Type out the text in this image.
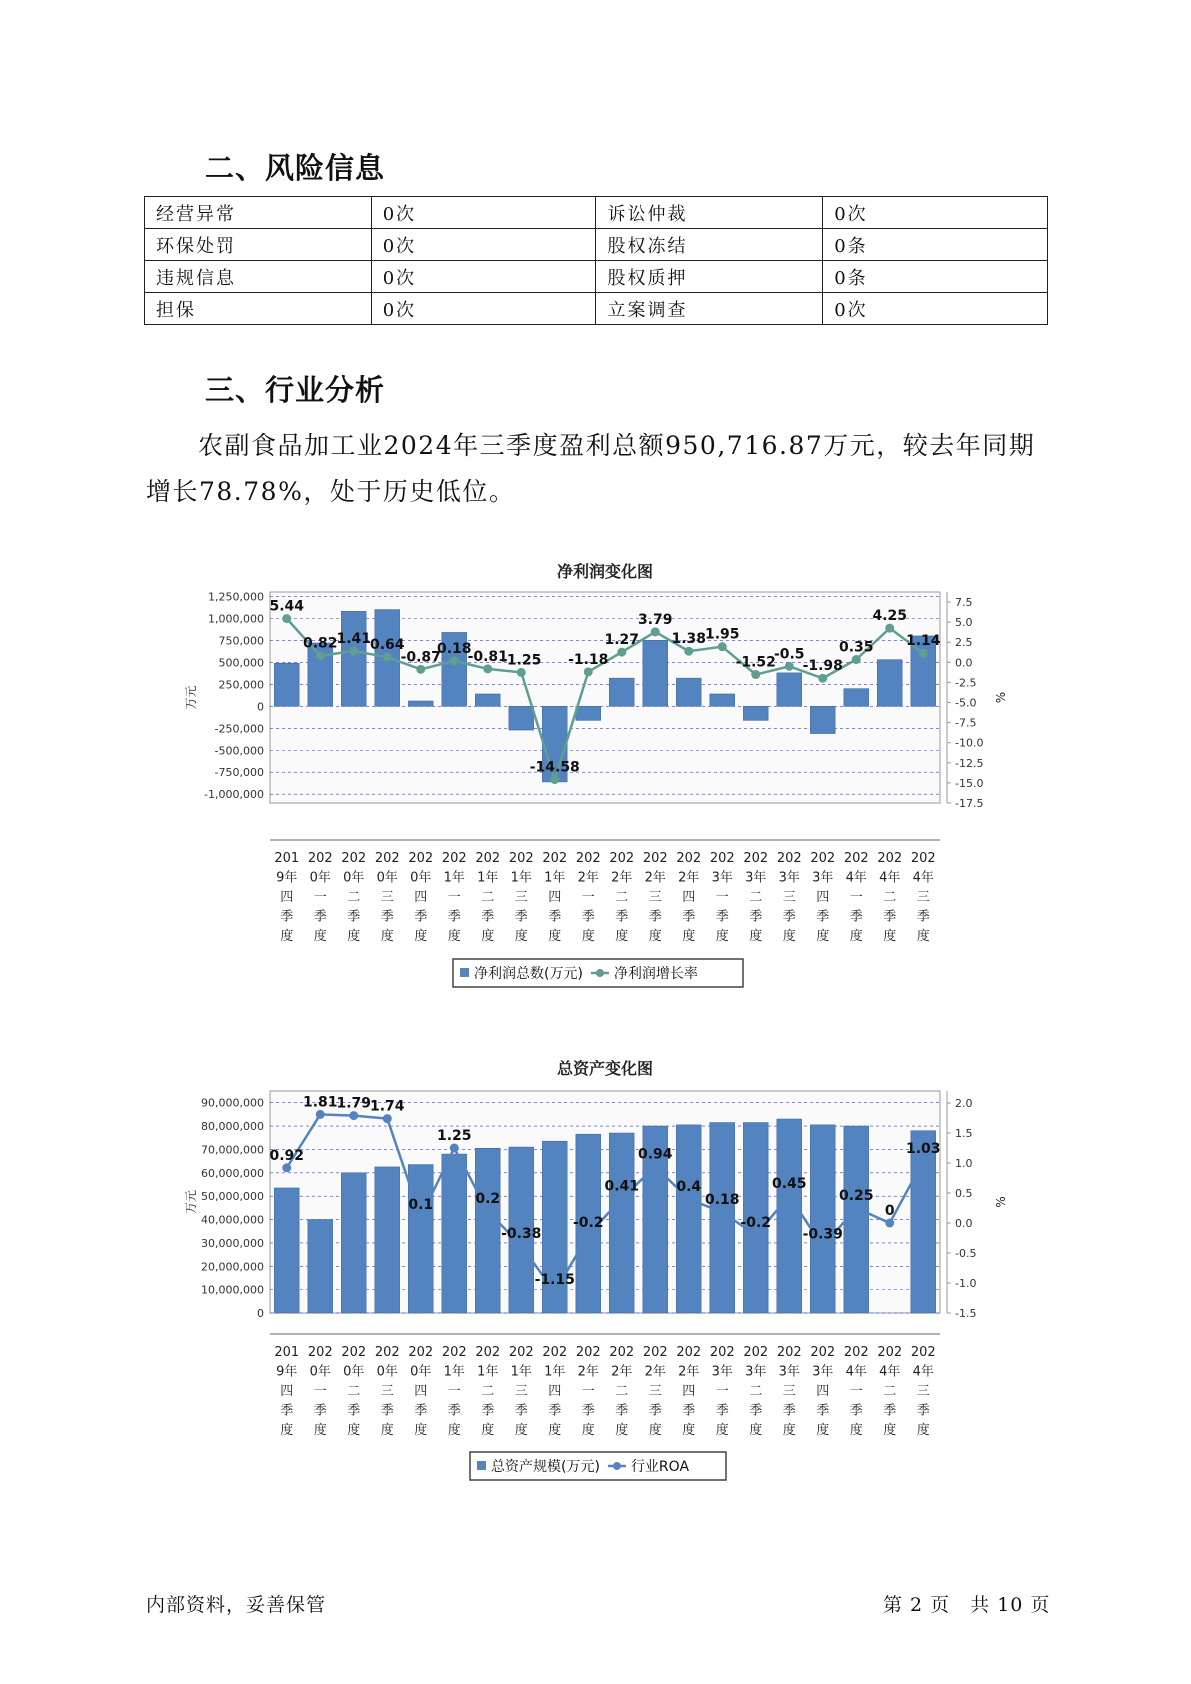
二、风险信息
经营异常	0次	诉讼仲裁	0次
环保处罚	0次	股权冻结	0条
违规信息	0次	股权质押	0条
担保	0次	立案调查	0次
三、行业分析
农副食品加工业2024年三季度盈利总额950,716.87万元，较去年同期
增长78.78%，处于历史低位。
净利润变化图
1,250,000
1,000,000
750,000
500,000
250,000
0
-250,000
-500,000
-750,000
-1,000,000
7.5
5.0
2.5
0.0
-2.5
-5.0
-7.5
-10.0
-12.5
-15.0
-17.5
万元	%
5.44
0.82
1.41
0.64
-0.87
0.18
-0.81
-1.25
-14.58
-1.18
1.27
3.79
1.38
1.95
-1.52
-0.5
-1.98
0.35
4.25
1.14
201
9年
四
季
度
202
0年
一
季
度
202
0年
二
季
度
202
0年
三
季
度
202
0年
四
季
度
202
1年
一
季
度
202
1年
二
季
度
202
1年
三
季
度
202
1年
四
季
度
202
2年
一
季
度
202
2年
二
季
度
202
2年
三
季
度
202
2年
四
季
度
202
3年
一
季
度
202
3年
二
季
度
202
3年
三
季
度
202
3年
四
季
度
202
4年
一
季
度
202
4年
二
季
度
202
4年
三
季
度
净利润总数(万元) 净利润增长率
总资产变化图
90,000,000
80,000,000
70,000,000
60,000,000
50,000,000
40,000,000
30,000,000
20,000,000
10,000,000
0
2.0
1.5
1.0
0.5
0.0
-0.5
-1.0
-1.5
万元	%
0.92
1.81
1.79
1.74
0.1
1.25
0.2
-0.38
-1.15
-0.2
0.41
0.94
0.4
0.18
-0.2
0.45
-0.39
0.25
0
1.03
201
9年
四
季
度
202
0年
一
季
度
202
0年
二
季
度
202
0年
三
季
度
202
0年
四
季
度
202
1年
一
季
度
202
1年
二
季
度
202
1年
三
季
度
202
1年
四
季
度
202
2年
一
季
度
202
2年
二
季
度
202
2年
三
季
度
202
2年
四
季
度
202
3年
一
季
度
202
3年
二
季
度
202
3年
三
季
度
202
3年
四
季
度
202
4年
一
季
度
202
4年
二
季
度
202
4年
三
季
度
总资产规模(万元) 行业ROA
内部资料，妥善保管	第 2 页　共 10 页
